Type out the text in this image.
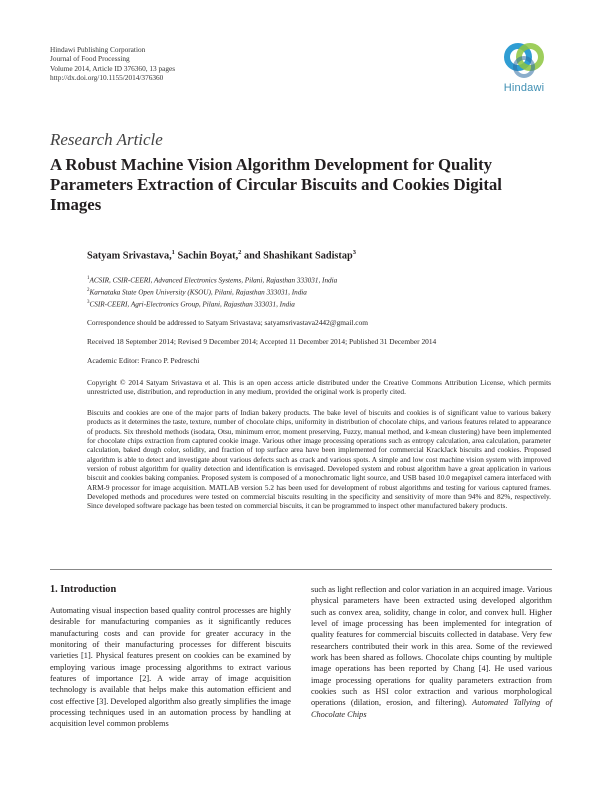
Hindawi Publishing Corporation
Journal of Food Processing
Volume 2014, Article ID 376360, 13 pages
http://dx.doi.org/10.1155/2014/376360
Hindawi
Research Article
A Robust Machine Vision Algorithm Development for Quality Parameters Extraction of Circular Biscuits and Cookies Digital Images
Satyam Srivastava,$^1$ Sachin Boyat,$^2$ and Shashikant Sadistap$^3$
$^1$ACSIR, CSIR-CEERI, Advanced Electronics Systems, Pilani, Rajasthan 333031, India
$^2$Karnataka State Open University (KSOU), Pilani, Rajasthan 333031, India
$^3$CSIR-CEERI, Agri-Electronics Group, Pilani, Rajasthan 333031, India
Correspondence should be addressed to Satyam Srivastava; satyamsrivastava2442@gmail.com
Received 18 September 2014; Revised 9 December 2014; Accepted 11 December 2014; Published 31 December 2014
Academic Editor: Franco P. Pedreschi
Copyright © 2014 Satyam Srivastava et al. This is an open access article distributed under the Creative Commons Attribution License, which permits unrestricted use, distribution, and reproduction in any medium, provided the original work is properly cited.
Biscuits and cookies are one of the major parts of Indian bakery products. The bake level of biscuits and cookies is of significant value to various bakery products as it determines the taste, texture, number of chocolate chips, uniformity in distribution of chocolate chips, and various features related to appearance of products. Six threshold methods (isodata, Otsu, minimum error, moment preserving, Fuzzy, manual method, and k-mean clustering) have been implemented for chocolate chips extraction from captured cookie image. Various other image processing operations such as entropy calculation, area calculation, parameter calculation, baked dough color, solidity, and fraction of top surface area have been implemented for commercial KrackJack biscuits and cookies. Proposed algorithm is able to detect and investigate about various defects such as crack and various spots. A simple and low cost machine vision system with improved version of robust algorithm for quality detection and identification is envisaged. Developed system and robust algorithm have a great application in various biscuit and cookies baking companies. Proposed system is composed of a monochromatic light source, and USB based 10.0 megapixel camera interfaced with ARM-9 processor for image acquisition. MATLAB version 5.2 has been used for development of robust algorithms and testing for various captured frames. Developed methods and procedures were tested on commercial biscuits resulting in the specificity and sensitivity of more than 94% and 82%, respectively. Since developed software package has been tested on commercial biscuits, it can be programmed to inspect other manufactured bakery products.
1. Introduction
Automating visual inspection based quality control processes are highly desirable for manufacturing companies as it significantly reduces manufacturing costs and can provide for greater accuracy in the monitoring of their manufacturing processes for different biscuits varieties [1]. Physical features present on cookies can be examined by employing various image processing algorithms to extract various features of importance [2]. A wide array of image acquisition technology is available that helps make this automation efficient and cost effective [3]. Developed algorithm also greatly simplifies the image processing techniques used in an automation process by handling at acquisition level common problems
such as light reflection and color variation in an acquired image. Various physical parameters have been extracted using developed algorithm such as convex area, solidity, change in color, and convex hull. Higher level of image processing has been implemented for integration of quality features for commercial biscuits collected in database. Very few researchers contributed their work in this area. Some of the reviewed work has been shared as follows. Chocolate chips counting by multiple image operations has been reported by Chang [4]. He used various image processing operations for quality parameters extraction from cookies such as HSI color extraction and various morphological operations (dilation, erosion, and filtering). Automated Tallying of Chocolate Chips
